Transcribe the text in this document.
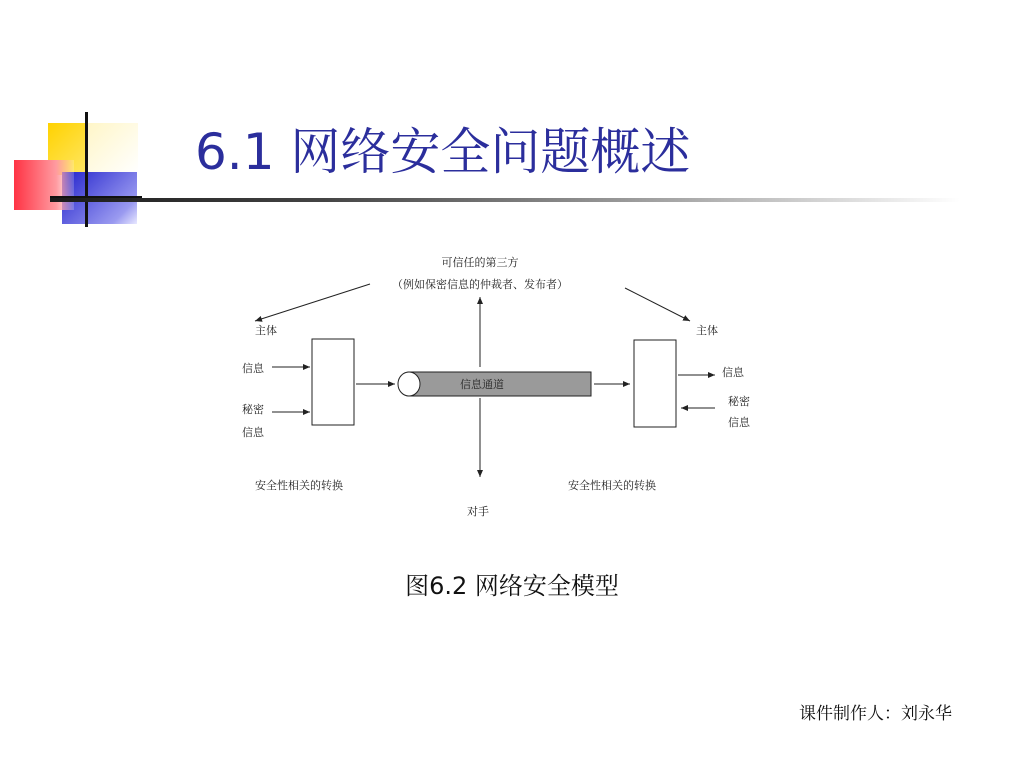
6.1 网络安全问题概述
可信任的第三方
（例如保密信息的仲裁者、发布者）
主体	主体
信息
秘密
信息
信息通道
安全性相关的转换	安全性相关的转换
对手
信息
秘密
信息
图6.2 网络安全模型
课件制作人：刘永华
